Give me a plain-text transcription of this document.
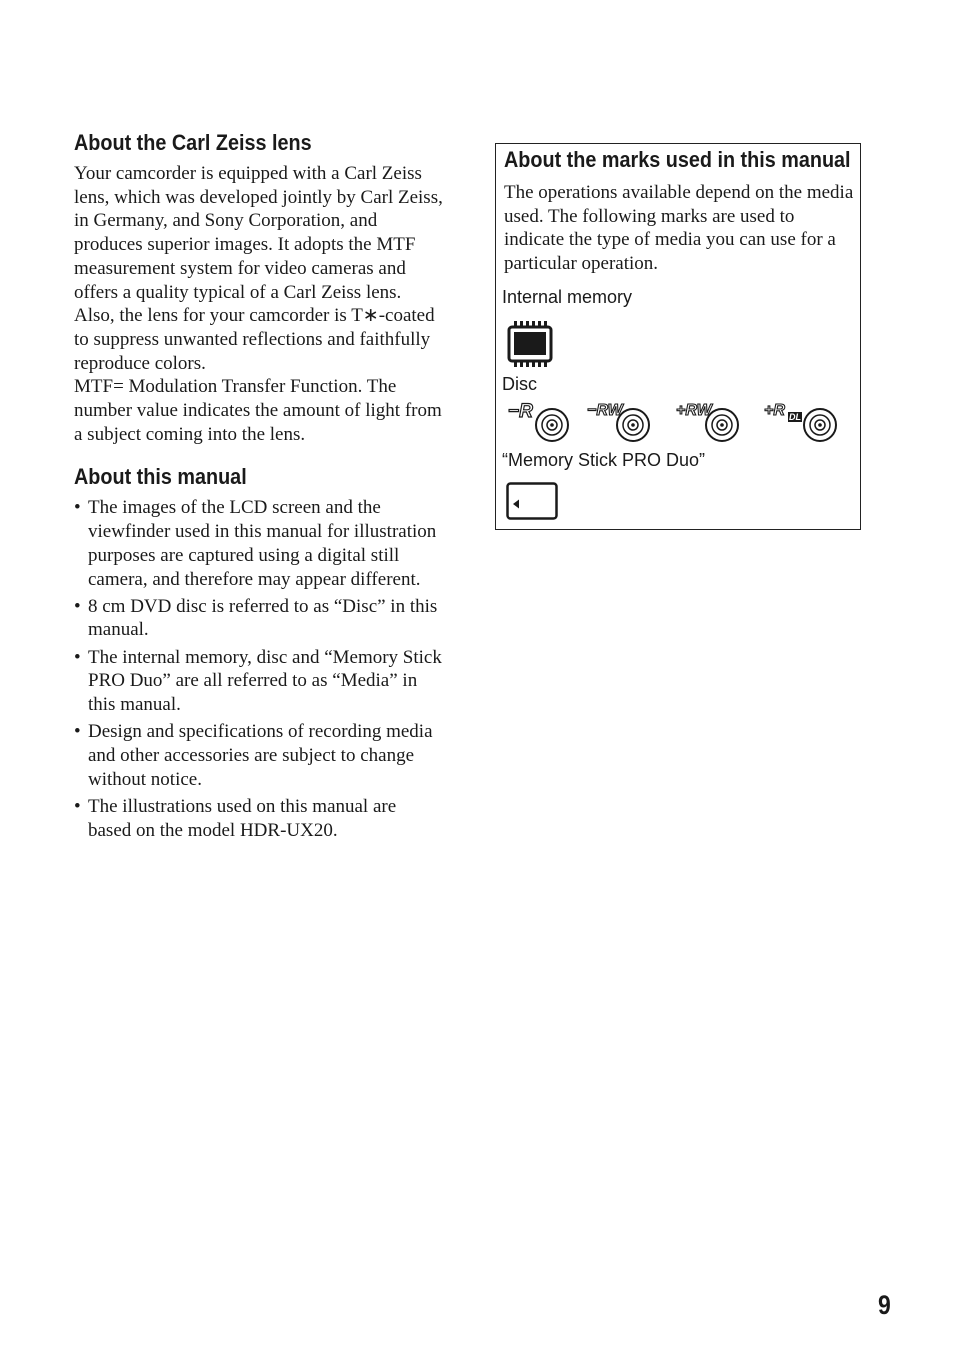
About the Carl Zeiss lens

Your camcorder is equipped with a Carl Zeiss lens, which was developed jointly by Carl Zeiss, in Germany, and Sony Corporation, and produces superior images. It adopts the MTF measurement system for video cameras and offers a quality typical of a Carl Zeiss lens. Also, the lens for your camcorder is T∗-coated to suppress unwanted reflections and faithfully reproduce colors.

MTF= Modulation Transfer Function. The number value indicates the amount of light from a subject coming into the lens.

About this manual
• The images of the LCD screen and the viewfinder used in this manual for illustration purposes are captured using a digital still camera, and therefore may appear different.
• 8 cm DVD disc is referred to as “Disc” in this manual.
• The internal memory, disc and “Memory Stick PRO Duo” are all referred to as “Media” in this manual.
• Design and specifications of recording media and other accessories are subject to change without notice.
• The illustrations used on this manual are based on the model HDR-UX20.
About the marks used in this manual

The operations available depend on the media used. The following marks are used to indicate the type of media you can use for a particular operation.

Internal memory
Disc
−R	−RW	+RW	+R DL
“Memory Stick PRO Duo”
9
